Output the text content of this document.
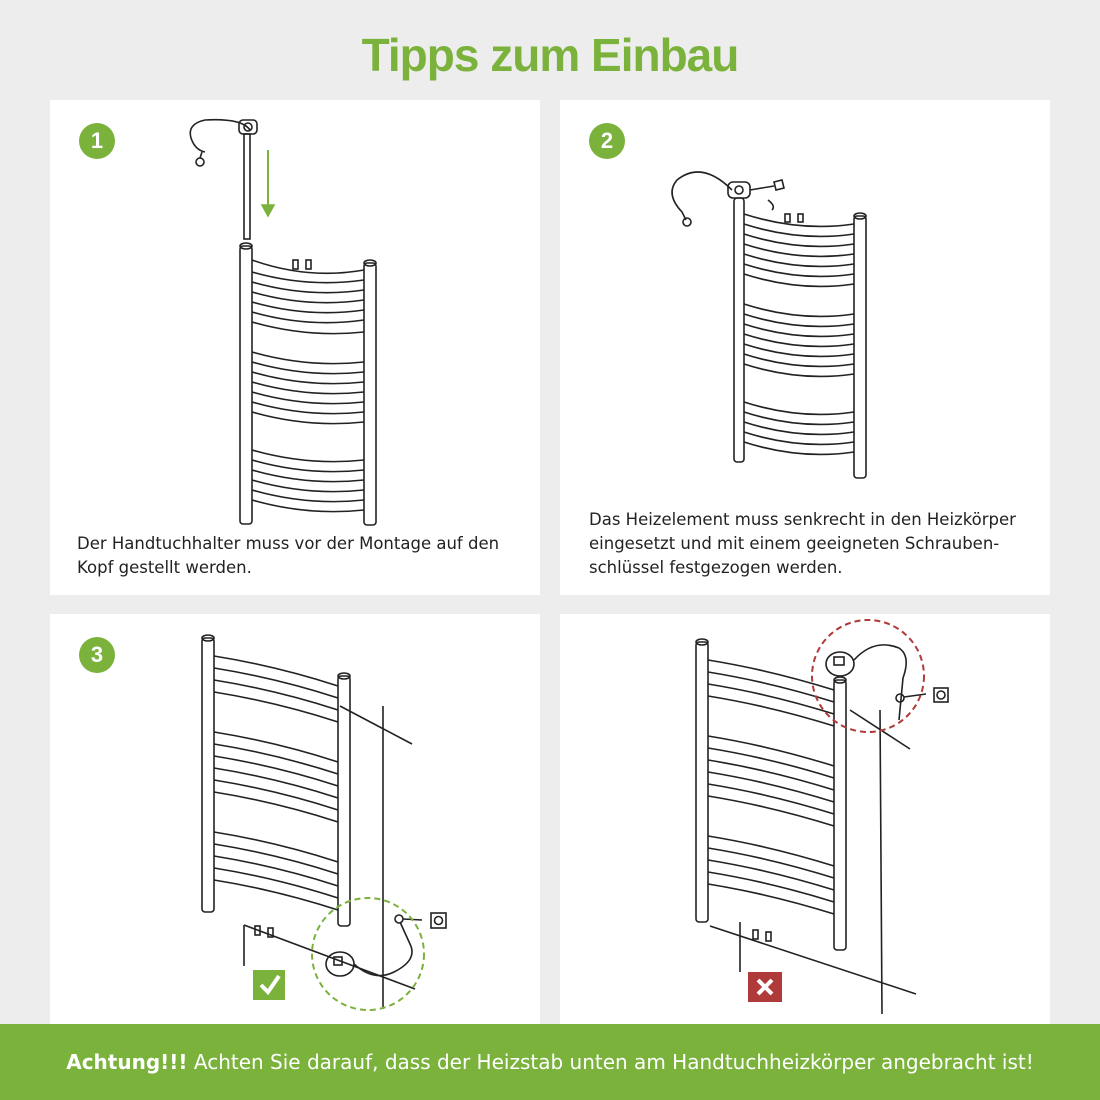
Tipps zum Einbau
1
Der Handtuchhalter muss vor der Montage auf den Kopf gestellt werden.
2
Das Heizelement muss senkrecht in den Heizkörper eingesetzt und mit einem geeigneten Schrauben-schlüssel festgezogen werden.
3
Achtung!!! Achten Sie darauf, dass der Heizstab unten am Handtuchheizkörper angebracht ist!
